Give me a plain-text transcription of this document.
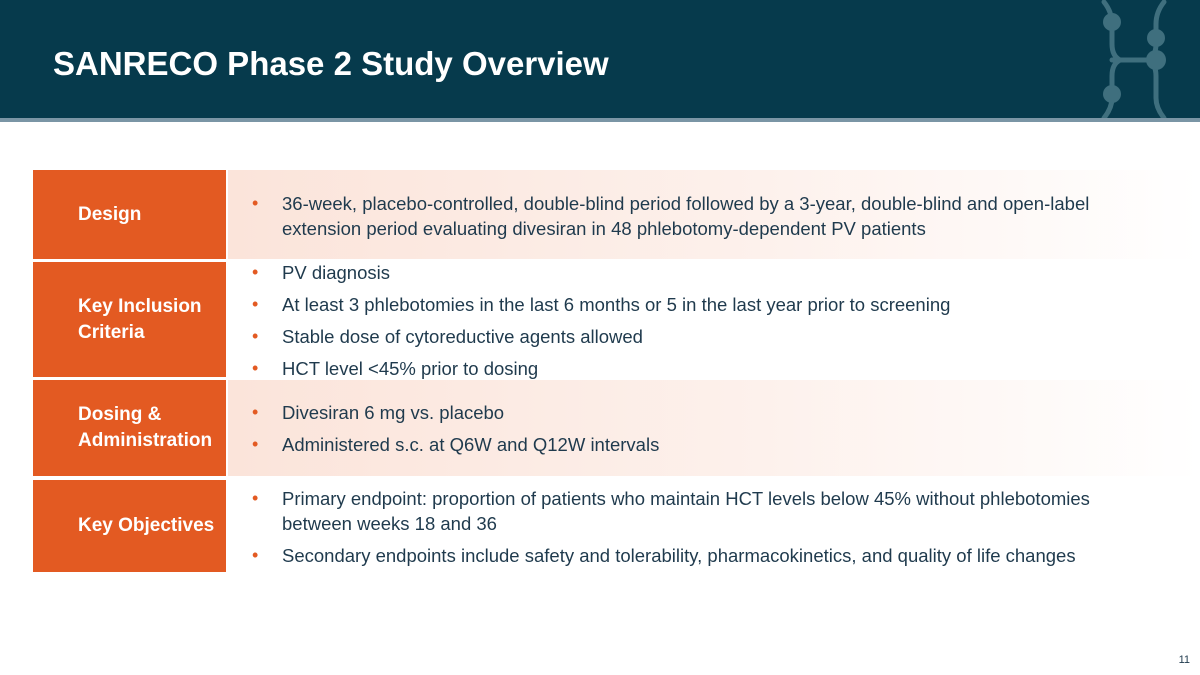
SANRECO Phase 2 Study Overview
Design
• 36-week, placebo-controlled, double-blind period followed by a 3-year, double-blind and open-label extension period evaluating divesiran in 48 phlebotomy-dependent PV patients
Key Inclusion Criteria
• PV diagnosis
• At least 3 phlebotomies in the last 6 months or 5 in the last year prior to screening
• Stable dose of cytoreductive agents allowed
• HCT level <45% prior to dosing
Dosing & Administration
• Divesiran 6 mg vs. placebo
• Administered s.c. at Q6W and Q12W intervals
Key Objectives
• Primary endpoint: proportion of patients who maintain HCT levels below 45% without phlebotomies between weeks 18 and 36
• Secondary endpoints include safety and tolerability, pharmacokinetics, and quality of life changes
11
